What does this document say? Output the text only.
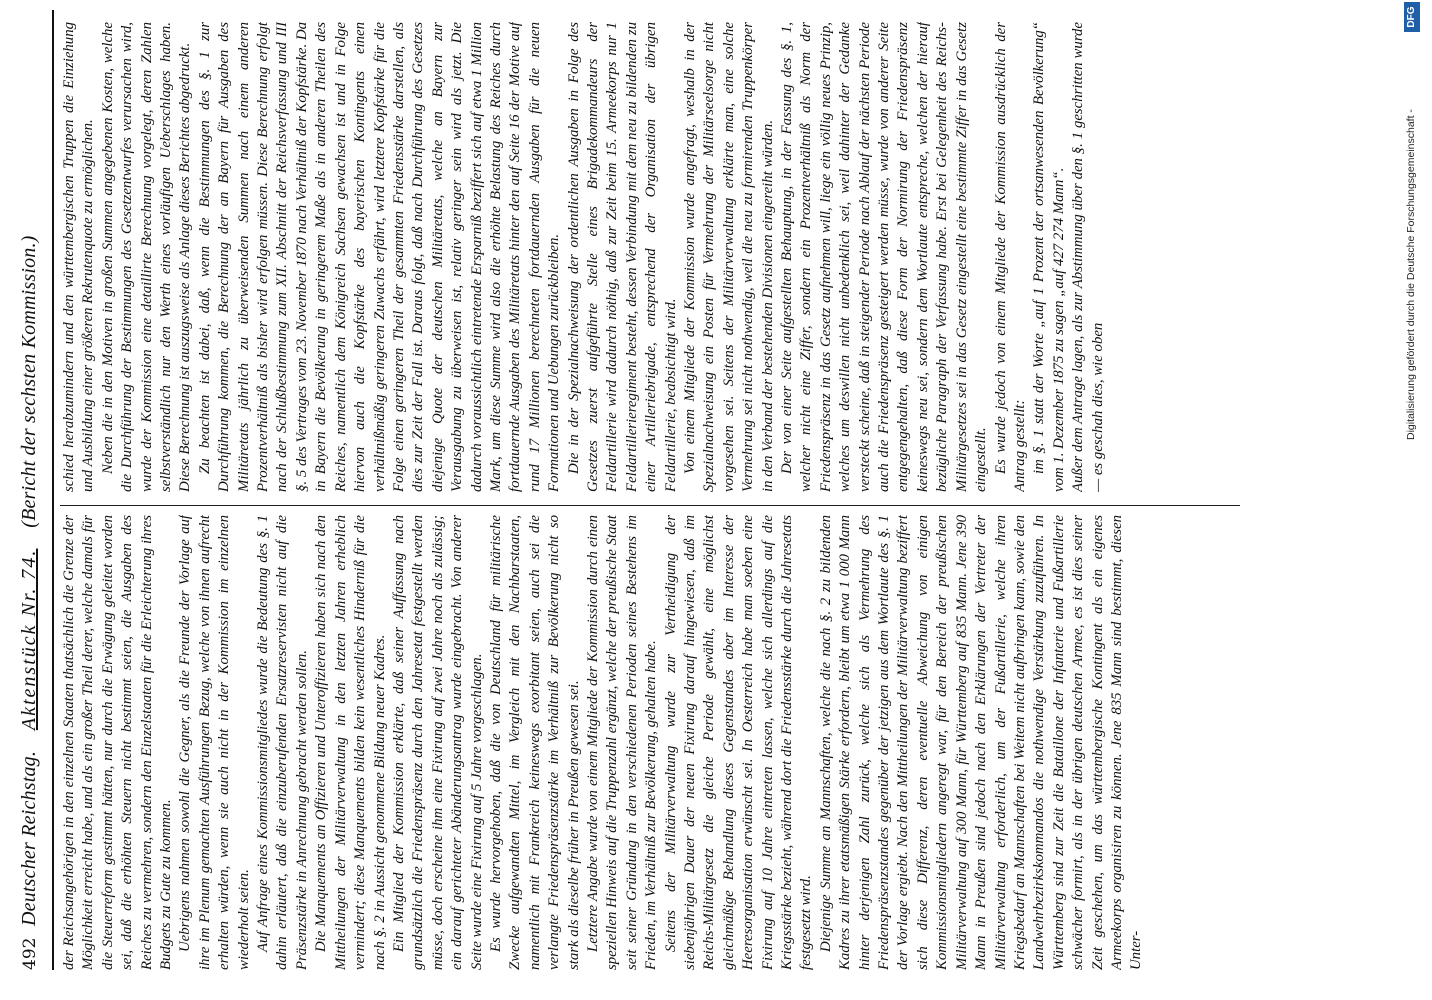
492
Deutscher Reichstag.    Aktenstück Nr. 74.    (Bericht der sechsten Kommission.)

der Reichsangehörigen in den einzelnen Staaten thatsächlich die Grenze der Möglichkeit erreicht habe, und als ein großer Theil derer, welche damals für die Steuerreform gestimmt hätten, nur durch die Erwägung geleitet worden sei, daß die erhöhten Steuern nicht bestimmt seien, die Ausgaben des Reiches zu vermehren, sondern den Einzelstaaten für die Erleichterung ihres Budgets zu Gute zu kommen. Uebrigens nahmen sowohl die Gegner, als die Freunde der Vorlage auf ihre im Plenum gemachten Ausführungen Bezug, welche von ihnen aufrecht erhalten würden, wenn sie auch nicht in der Kommission im einzelnen wiederholt seien. Auf Anfrage eines Kommissionsmitgliedes wurde die Bedeutung des §. 1 dahin erläutert, daß die einzuberufenden Ersatzreservisten nicht auf die Präsenzstärke in Anrechnung gebracht werden sollen. Die Manquements an Offizieren und Unteroffizieren haben sich nach den Mittheilungen der Militärverwaltung in den letzten Jahren erheblich vermindert; diese Manquements bilden kein wesentliches Hinderniß für die nach §. 2 in Aussicht genommene Bildung neuer Kadres. Ein Mitglied der Kommission erklärte, daß seiner Auffassung nach grundsätzlich die Friedenspräsenz durch den Jahresetat festgestellt werden müsse, doch erscheine ihm eine Fixirung auf zwei Jahre noch als zulässig; ein darauf gerichteter Abänderungsantrag wurde eingebracht. Von anderer Seite wurde eine Fixirung auf 5 Jahre vorgeschlagen. Es wurde hervorgehoben, daß die von Deutschland für militärische Zwecke aufgewandten Mittel, im Vergleich mit den Nachbarstaaten, namentlich mit Frankreich keineswegs exorbitant seien, auch sei die verlangte Friedenspräsenzstärke im Verhältniß zur Bevölkerung nicht so stark als dieselbe früher in Preußen gewesen sei. Letztere Angabe wurde von einem Mitgliede der Kommission durch einen speziellen Hinweis auf die Truppenzahl ergänzt, welche der preußische Staat seit seiner Gründung in den verschiedenen Perioden seines Bestehens im Frieden, im Verhältniß zur Bevölkerung, gehalten habe. Seitens der Militärverwaltung wurde zur Vertheidigung der siebenjährigen Dauer der neuen Fixirung darauf hingewiesen, daß im Reichs-Militärgesetz die gleiche Periode gewählt, eine möglichst gleichmäßige Behandlung dieses Gegenstandes aber im Interesse der Heeresorganisation erwünscht sei. In Oesterreich habe man soeben eine Fixirung auf 10 Jahre eintreten lassen, welche sich allerdings auf die Kriegsstärke bezieht, während dort die Friedensstärke durch die Jahresetats festgesetzt wird. Diejenige Summe an Mannschaften, welche die nach §. 2 zu bildenden Kadres zu ihrer etatsmäßigen Stärke erfordern, bleibt um etwa 1 000 Mann hinter derjenigen Zahl zurück, welche sich als Vermehrung des Friedenspräsenzstandes gegenüber der jetzigen aus dem Wortlaute des §. 1 der Vorlage ergiebt. Nach den Mittheilungen der Militärverwaltung beziffert sich diese Differenz, deren eventuelle Abweichung von einigen Kommissionsmitgliedern angeregt war, für den Bereich der preußischen Militärverwaltung auf 300 Mann, für Württemberg auf 835 Mann. Jene 390 Mann in Preußen sind jedoch nach den Erklärungen der Vertreter der Militärverwaltung erforderlich, um der Fußartillerie, welche ihren Kriegsbedarf an Mannschaften bei Weitem nicht aufbringen kann, sowie den Landwehrbezirkskommandos die nothwendige Verstärkung zuzuführen. In Württemberg sind zur Zeit die Bataillone der Infanterie und Fußartillerie schwächer formirt, als in der übrigen deutschen Armee, es ist dies seiner Zeit geschehen, um das württembergische Kontingent als ein eigenes Armeekorps organisiren zu können. Jene 835 Mann sind bestimmt, diesen Unter-

schied herabzumindern und den württembergischen Truppen die Einziehung und Ausbildung einer größeren Rekrutenquote zu ermöglichen. Neben die in den Motiven in großen Summen angegebenen Kosten, welche die Durchführung der Bestimmungen des Gesetzentwurfes verursachen wird, wurde der Kommission eine detaillirte Berechnung vorgelegt, deren Zahlen selbstverständlich nur den Werth eines vorläufigen Ueberschlages haben. Diese Berechnung ist auszugsweise als Anlage dieses Berichtes abgedruckt. Zu beachten ist dabei, daß, wenn die Bestimmungen des §. 1 zur Durchführung kommen, die Berechnung der an Bayern für Ausgaben des Militäretats jährlich zu überweisenden Summen nach einem anderen Prozentverhältniß als bisher wird erfolgen müssen. Diese Berechnung erfolgt nach der Schlußbestimmung zum XII. Abschnitt der Reichsverfassung und III §. 5 des Vertrages vom 23. November 1870 nach Verhältniß der Kopfstärke. Da in Bayern die Bevölkerung in geringerem Maße als in anderen Theilen des Reiches, namentlich dem Königreich Sachsen gewachsen ist und in Folge hiervon auch die Kopfstärke des bayerischen Kontingents einen verhältnißmäßig geringeren Zuwachs erfährt, wird letztere Kopfstärke für die Folge einen geringeren Theil der gesammten Friedensstärke darstellen, als dies zur Zeit der Fall ist. Daraus folgt, daß nach Durchführung des Gesetzes diejenige Quote der deutschen Militäretats, welche an Bayern zur Verausgabung zu überweisen ist, relativ geringer sein wird als jetzt. Die dadurch voraussichtlich eintretende Ersparniß beziffert sich auf etwa 1 Million Mark, um diese Summe wird also die erhöhte Belastung des Reiches durch fortdauernde Ausgaben des Militäretats hinter den auf Seite 16 der Motive auf rund 17 Millionen berechneten fortdauernden Ausgaben für die neuen Formationen und Uebungen zurückbleiben. Die in der Spezialnachweisung der ordentlichen Ausgaben in Folge des Gesetzes zuerst aufgeführte Stelle eines Brigadekommandeurs der Feldartillerie wird dadurch nöthig, daß zur Zeit beim 15. Armeekorps nur 1 Feldartillerieregiment besteht, dessen Verbindung mit dem neu zu bildenden zu einer Artilleriebrigade, entsprechend der Organisation der übrigen Feldartillerie, beabsichtigt wird. Von einem Mitgliede der Kommission wurde angefragt, weshalb in der Spezialnachweisung ein Posten für Vermehrung der Militärseelsorge nicht vorgesehen sei. Seitens der Militärverwaltung erklärte man, eine solche Vermehrung sei nicht nothwendig, weil die neu zu formirenden Truppenkörper in den Verband der bestehenden Divisionen eingereiht würden. Der von einer Seite aufgestellten Behauptung, in der Fassung des §. 1, welcher nicht eine Ziffer, sondern ein Prozentverhältniß als Norm der Friedenspräsenz in das Gesetz aufnehmen will, liege ein völlig neues Prinzip, welches um deswillen nicht unbedenklich sei, weil dahinter der Gedanke versteckt scheine, daß in steigender Periode nach Ablauf der nächsten Periode auch die Friedenspräsenz gesteigert werden müsse, wurde von anderer Seite entgegengehalten, daß diese Form der Normirung der Friedenspräsenz keineswegs neu sei, sondern dem Wortlaute entspreche, welchen der hierauf bezügliche Paragraph der Verfassung habe. Erst bei Gelegenheit des Reichs-Militärgesetzes sei in das Gesetz eingestellt eine bestimmte Ziffer in das Gesetz eingestellt. Es wurde jedoch von einem Mitgliede der Kommission ausdrücklich der Antrag gestellt: im §. 1 statt der Worte „auf 1 Prozent der ortsanwesenden Bevölkerung“ vom 1. Dezember 1875 zu sagen „auf 427 274 Mann“. Außer dem Antrage lagen, als zur Abstimmung über den §. 1 geschritten wurde — es geschah dies, wie oben	Digitalisierung gefördert durch die Deutsche Forschungsgemeinschaft -
DFG
